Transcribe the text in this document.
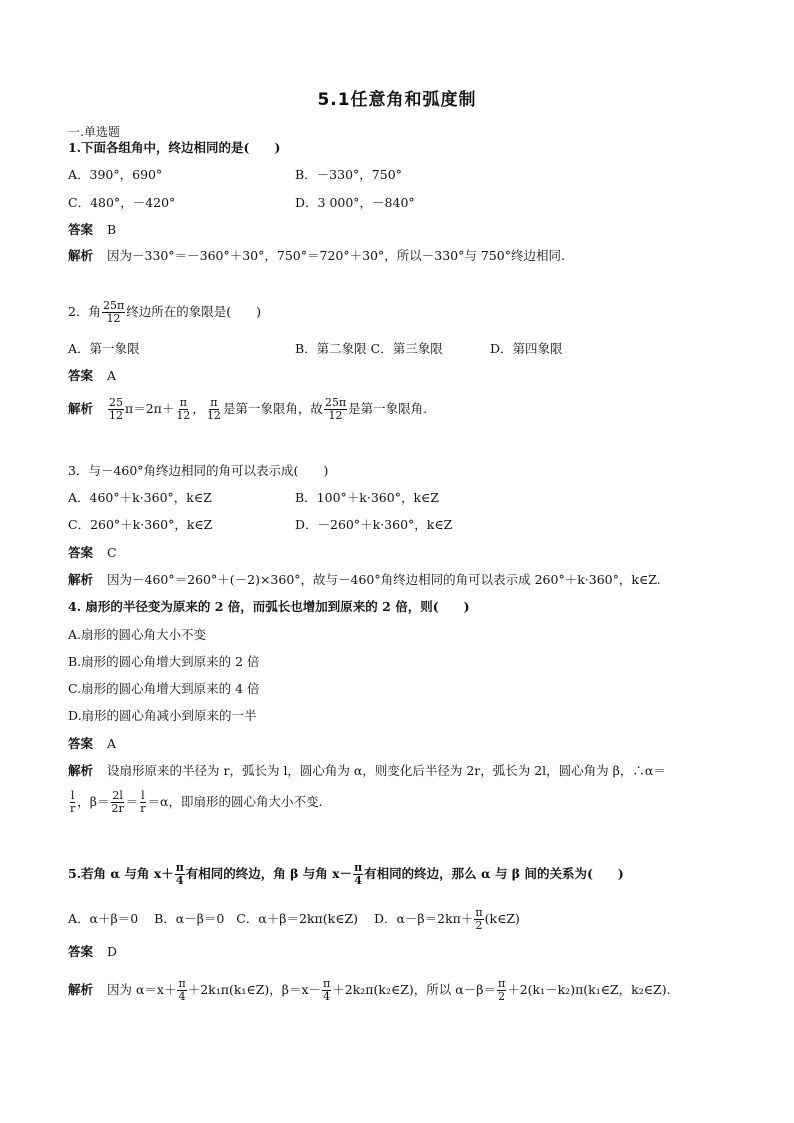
5.1任意角和弧度制
一.单选题
1.下面各组角中，终边相同的是(　　)
A．390°，690°	B．－330°，750°
C．480°，－420°	D．3 000°，－840°
答案 B
解析 因为－330°＝－360°＋30°，750°＝720°＋30°，所以－330°与 750°终边相同.
2．角 $\frac{25\pi}{12}$ 终边所在的象限是(　　)
A．第一象限	B．第二象限 C．第三象限	D．第四象限
答案 A
解析 $\frac{25}{12} \pi=2\pi+ \frac{\pi}{12}$ ， $\frac{\pi}{12}$ 是第一象限角，故 $\frac{25\pi}{12}$ 是第一象限角.
3．与－460°角终边相同的角可以表示成(　　)
A．460°＋k·360°，k∈Z	B．100°＋k·360°，k∈Z
C．260°＋k·360°，k∈Z	D．－260°＋k·360°，k∈Z
答案 C
解析 因为－460°＝260°＋(－2)×360°，故与－460°角终边相同的角可以表示成 260°＋k·360°，k∈Z.
4. 扇形的半径变为原来的 2 倍，而弧长也增加到原来的 2 倍，则(　　)
A.扇形的圆心角大小不变
B.扇形的圆心角增大到原来的 2 倍
C.扇形的圆心角增大到原来的 4 倍
D.扇形的圆心角减小到原来的一半
答案 A
解析 设扇形原来的半径为 r，弧长为 l，圆心角为 α，则变化后半径为 2r，弧长为 2l，圆心角为 β，∴α＝
$\frac{l}{r}$ ，$\beta= \frac{2l}{2r} = \frac{l}{r} =\alpha$，即扇形的圆心角大小不变.
5.若角 α 与角 $x+ \frac{\pi}{4}$ 有相同的终边，角 β 与角 $x- \frac{\pi}{4}$ 有相同的终边，那么 α 与 β 间的关系为(　　)
A．α＋β＝0 B．α－β＝0 C．α＋β＝2kπ(k∈Z) D．$\alpha-\beta=2k\pi+ \frac{\pi}{2}$ (k∈Z)
答案 D
解析 因为 $\alpha=x+ \frac{\pi}{4}$ ＋2k₁π(k₁∈Z)，$\beta=x- \frac{\pi}{4}$ ＋2k₂π(k₂∈Z)，所以 $\alpha-\beta= \frac{\pi}{2}$ ＋2(k₁－k₂)π(k₁∈Z，k₂∈Z).
